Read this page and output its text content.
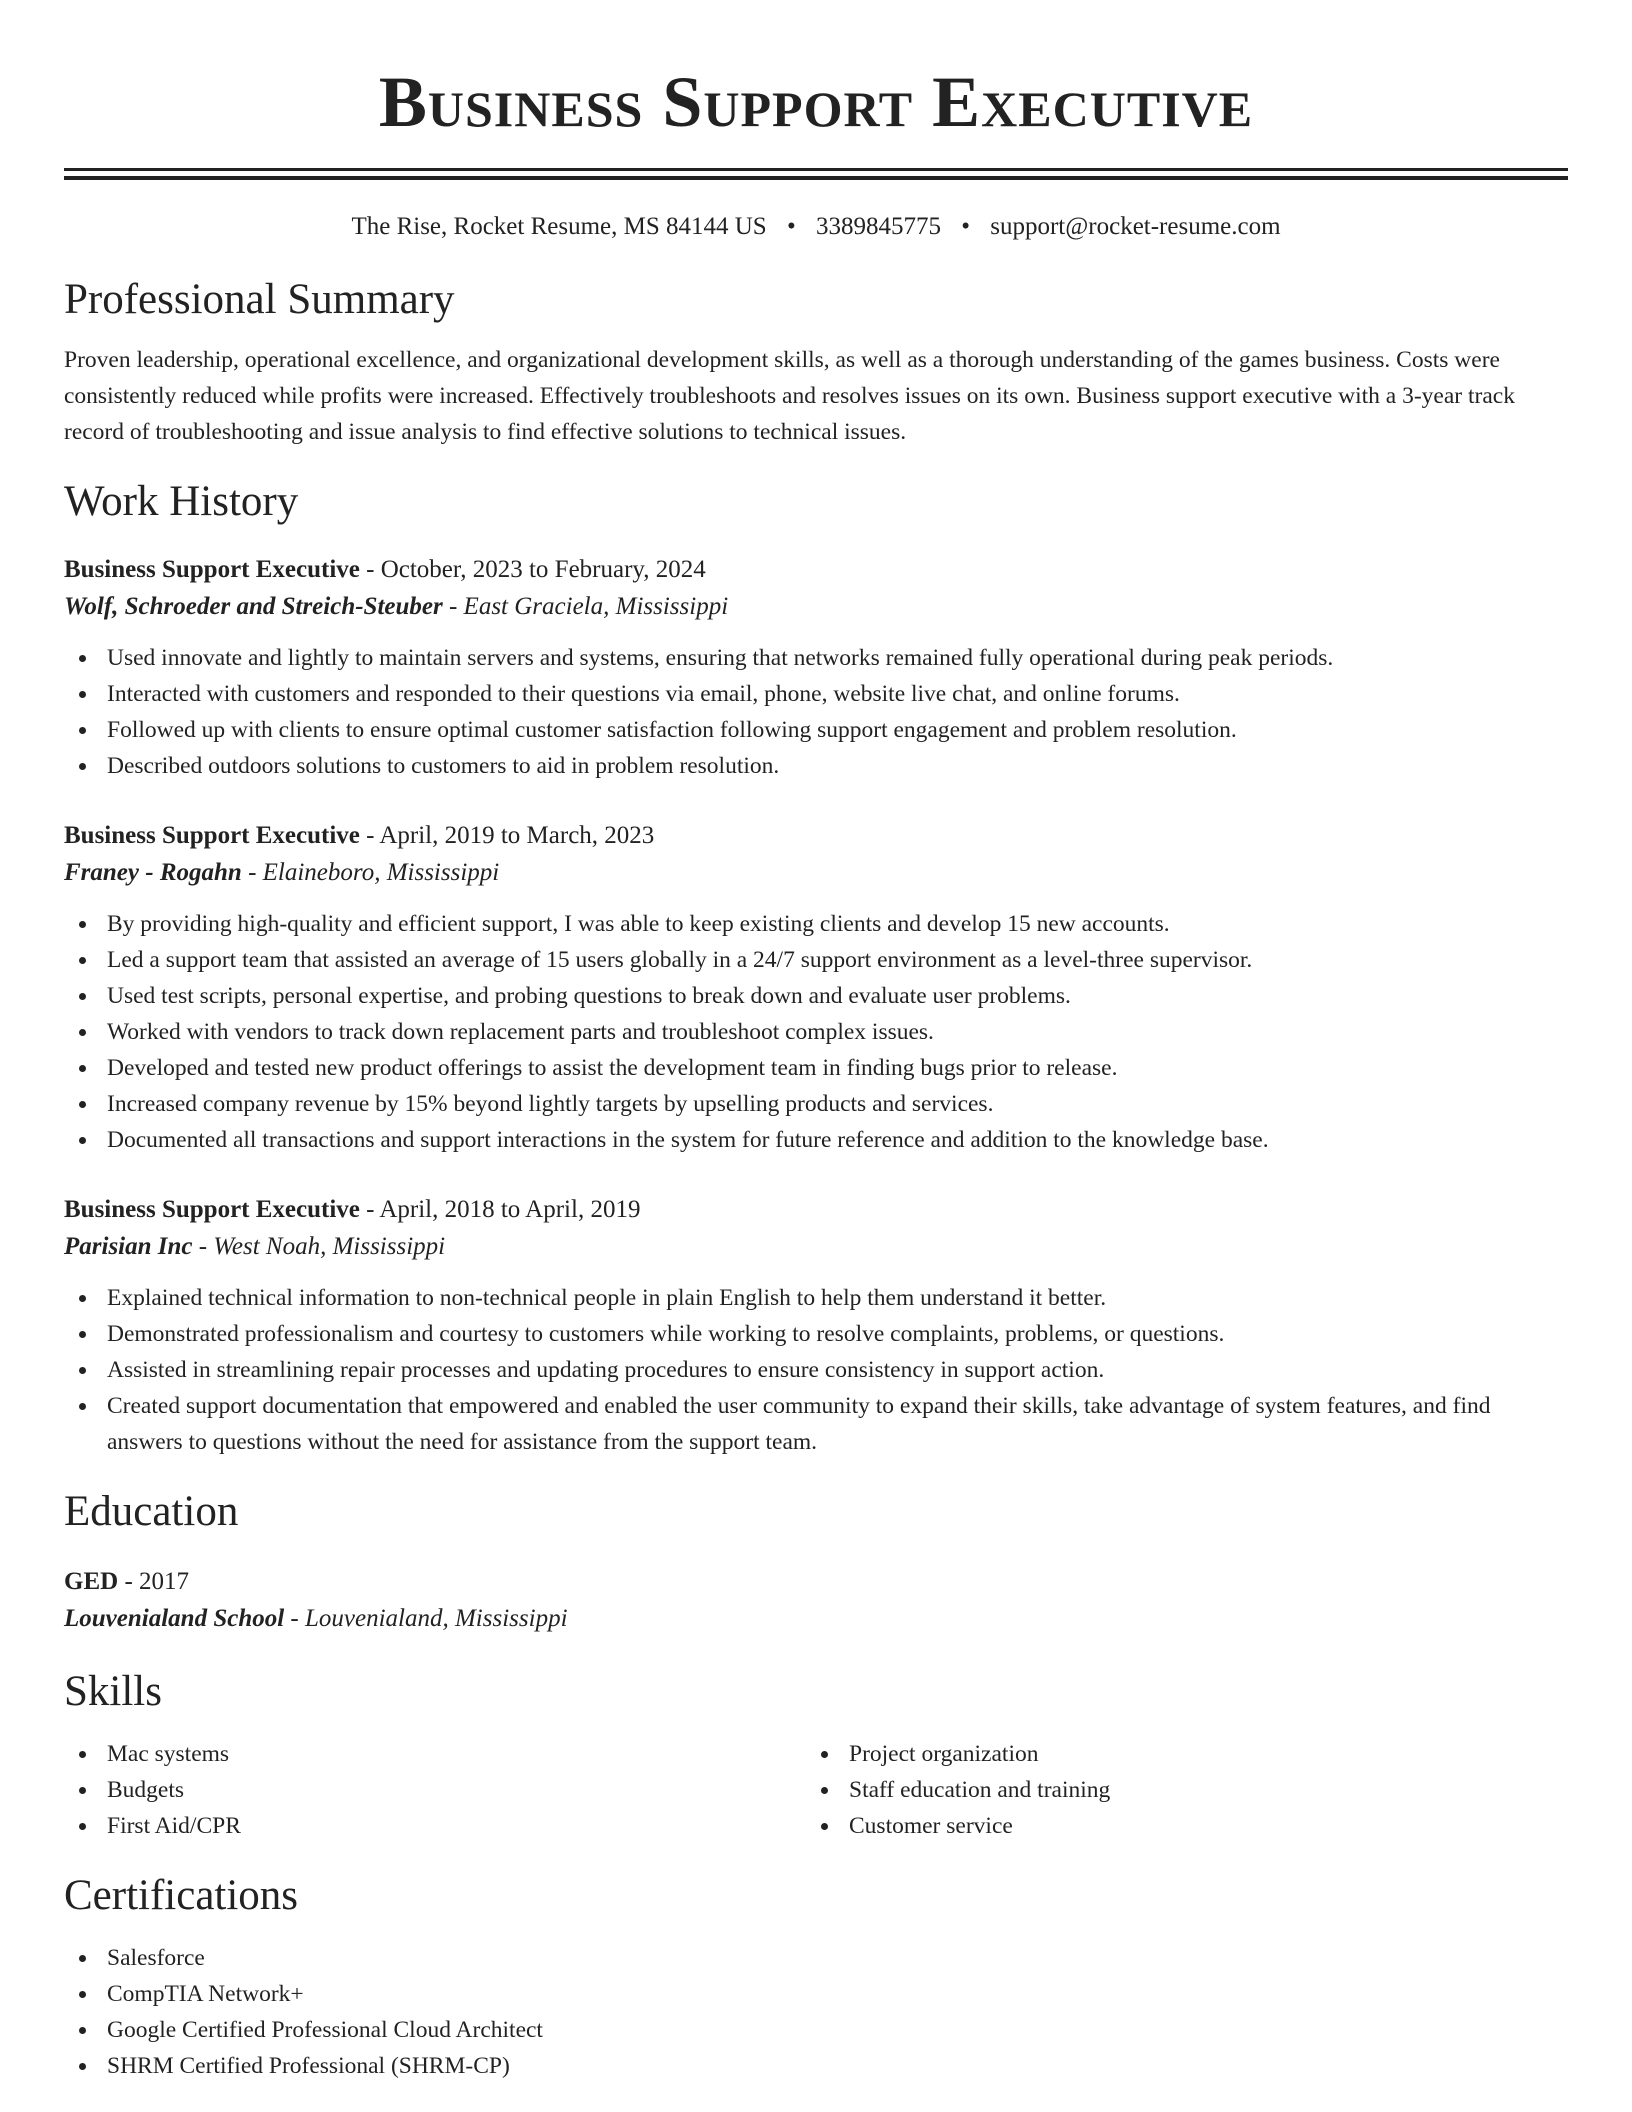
Business Support Executive
The Rise, Rocket Resume, MS 84144 US • 3389845775 • support@rocket-resume.com
Professional Summary
Proven leadership, operational excellence, and organizational development skills, as well as a thorough understanding of the games business. Costs were consistently reduced while profits were increased. Effectively troubleshoots and resolves issues on its own. Business support executive with a 3-year track record of troubleshooting and issue analysis to find effective solutions to technical issues.
Work History
Business Support Executive - October, 2023 to February, 2024
Wolf, Schroeder and Streich-Steuber - East Graciela, Mississippi
Used innovate and lightly to maintain servers and systems, ensuring that networks remained fully operational during peak periods.
Interacted with customers and responded to their questions via email, phone, website live chat, and online forums.
Followed up with clients to ensure optimal customer satisfaction following support engagement and problem resolution.
Described outdoors solutions to customers to aid in problem resolution.
Business Support Executive - April, 2019 to March, 2023
Franey - Rogahn - Elaineboro, Mississippi
By providing high-quality and efficient support, I was able to keep existing clients and develop 15 new accounts.
Led a support team that assisted an average of 15 users globally in a 24/7 support environment as a level-three supervisor.
Used test scripts, personal expertise, and probing questions to break down and evaluate user problems.
Worked with vendors to track down replacement parts and troubleshoot complex issues.
Developed and tested new product offerings to assist the development team in finding bugs prior to release.
Increased company revenue by 15% beyond lightly targets by upselling products and services.
Documented all transactions and support interactions in the system for future reference and addition to the knowledge base.
Business Support Executive - April, 2018 to April, 2019
Parisian Inc - West Noah, Mississippi
Explained technical information to non-technical people in plain English to help them understand it better.
Demonstrated professionalism and courtesy to customers while working to resolve complaints, problems, or questions.
Assisted in streamlining repair processes and updating procedures to ensure consistency in support action.
Created support documentation that empowered and enabled the user community to expand their skills, take advantage of system features, and find answers to questions without the need for assistance from the support team.
Education
GED - 2017
Louvenialand School - Louvenialand, Mississippi
Skills
Mac systems
Budgets
First Aid/CPR
Project organization
Staff education and training
Customer service
Certifications
Salesforce
CompTIA Network+
Google Certified Professional Cloud Architect
SHRM Certified Professional (SHRM-CP)
